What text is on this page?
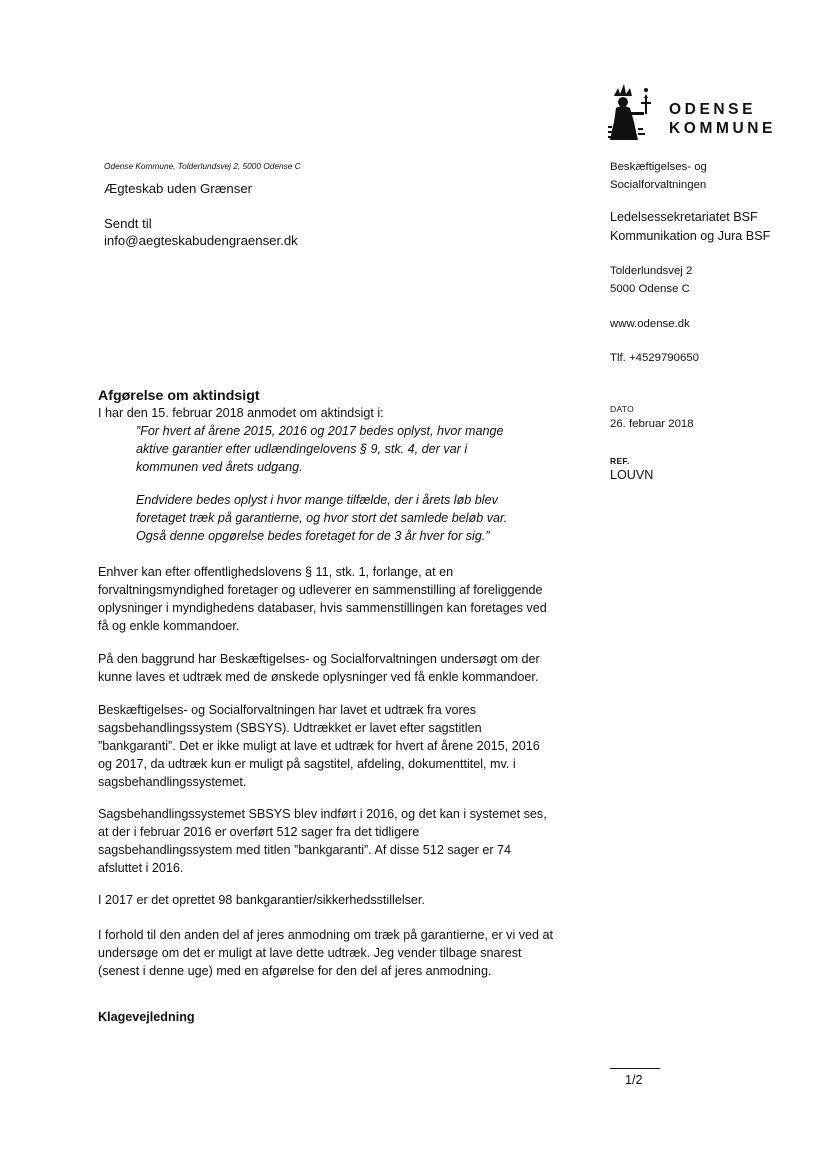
ODENSE
KOMMUNE
Odense Kommune, Tolderlundsvej 2, 5000 Odense C
Ægteskab uden Grænser
Sendt til
info@aegteskabudengraenser.dk
Beskæftigelses- og
Socialforvaltningen
Ledelsessekretariatet BSF
Kommunikation og Jura BSF
Tolderlundsvej 2
5000 Odense C
www.odense.dk
Tlf. +4529790650
DATO
26. februar 2018
REF.
LOUVN
Afgørelse om aktindsigt
I har den 15. februar 2018 anmodet om aktindsigt i:
”For hvert af årene 2015, 2016 og 2017 bedes oplyst, hvor mange
aktive garantier efter udlændingelovens § 9, stk. 4, der var i
kommunen ved årets udgang.
Endvidere bedes oplyst i hvor mange tilfælde, der i årets løb blev
foretaget træk på garantierne, og hvor stort det samlede beløb var.
Også denne opgørelse bedes foretaget for de 3 år hver for sig.”
Enhver kan efter offentlighedslovens § 11, stk. 1, forlange, at en
forvaltningsmyndighed foretager og udleverer en sammenstilling af foreliggende
oplysninger i myndighedens databaser, hvis sammenstillingen kan foretages ved
få og enkle kommandoer.
På den baggrund har Beskæftigelses- og Socialforvaltningen undersøgt om der
kunne laves et udtræk med de ønskede oplysninger ved få enkle kommandoer.
Beskæftigelses- og Socialforvaltningen har lavet et udtræk fra vores
sagsbehandlingssystem (SBSYS). Udtrækket er lavet efter sagstitlen
”bankgaranti”. Det er ikke muligt at lave et udtræk for hvert af årene 2015, 2016
og 2017, da udtræk kun er muligt på sagstitel, afdeling, dokumenttitel, mv. i
sagsbehandlingssystemet.
Sagsbehandlingssystemet SBSYS blev indført i 2016, og det kan i systemet ses,
at der i februar 2016 er overført 512 sager fra det tidligere
sagsbehandlingssystem med titlen ”bankgaranti”. Af disse 512 sager er 74
afsluttet i 2016.
I 2017 er det oprettet 98 bankgarantier/sikkerhedsstillelser.
I forhold til den anden del af jeres anmodning om træk på garantierne, er vi ved at
undersøge om det er muligt at lave dette udtræk. Jeg vender tilbage snarest
(senest i denne uge) med en afgørelse for den del af jeres anmodning.
Klagevejledning
1/2
